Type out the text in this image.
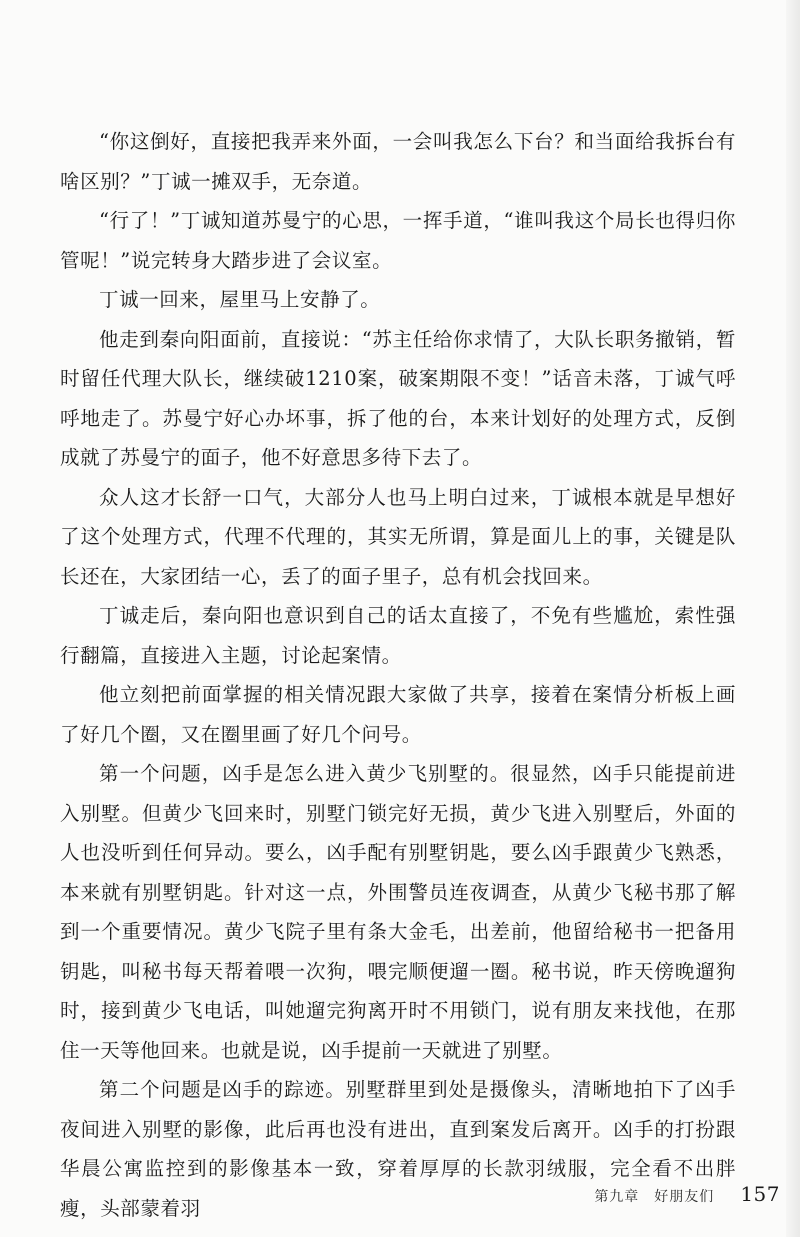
“你这倒好，直接把我弄来外面，一会叫我怎么下台？和当面给我拆台有啥区别？”丁诚一摊双手，无奈道。

“行了！”丁诚知道苏曼宁的心思，一挥手道，“谁叫我这个局长也得归你管呢！”说完转身大踏步进了会议室。

丁诚一回来，屋里马上安静了。

他走到秦向阳面前，直接说：“苏主任给你求情了，大队长职务撤销，暂时留任代理大队长，继续破1210案，破案期限不变！”话音未落，丁诚气呼呼地走了。苏曼宁好心办坏事，拆了他的台，本来计划好的处理方式，反倒成就了苏曼宁的面子，他不好意思多待下去了。

众人这才长舒一口气，大部分人也马上明白过来，丁诚根本就是早想好了这个处理方式，代理不代理的，其实无所谓，算是面儿上的事，关键是队长还在，大家团结一心，丢了的面子里子，总有机会找回来。

丁诚走后，秦向阳也意识到自己的话太直接了，不免有些尴尬，索性强行翻篇，直接进入主题，讨论起案情。

他立刻把前面掌握的相关情况跟大家做了共享，接着在案情分析板上画了好几个圈，又在圈里画了好几个问号。

第一个问题，凶手是怎么进入黄少飞别墅的。很显然，凶手只能提前进入别墅。但黄少飞回来时，别墅门锁完好无损，黄少飞进入别墅后，外面的人也没听到任何异动。要么，凶手配有别墅钥匙，要么凶手跟黄少飞熟悉，本来就有别墅钥匙。针对这一点，外围警员连夜调查，从黄少飞秘书那了解到一个重要情况。黄少飞院子里有条大金毛，出差前，他留给秘书一把备用钥匙，叫秘书每天帮着喂一次狗，喂完顺便遛一圈。秘书说，昨天傍晚遛狗时，接到黄少飞电话，叫她遛完狗离开时不用锁门，说有朋友来找他，在那住一天等他回来。也就是说，凶手提前一天就进了别墅。

第二个问题是凶手的踪迹。别墅群里到处是摄像头，清晰地拍下了凶手夜间进入别墅的影像，此后再也没有进出，直到案发后离开。凶手的打扮跟华晨公寓监控到的影像基本一致，穿着厚厚的长款羽绒服，完全看不出胖瘦，头部蒙着羽	第九章　好朋友们 157
